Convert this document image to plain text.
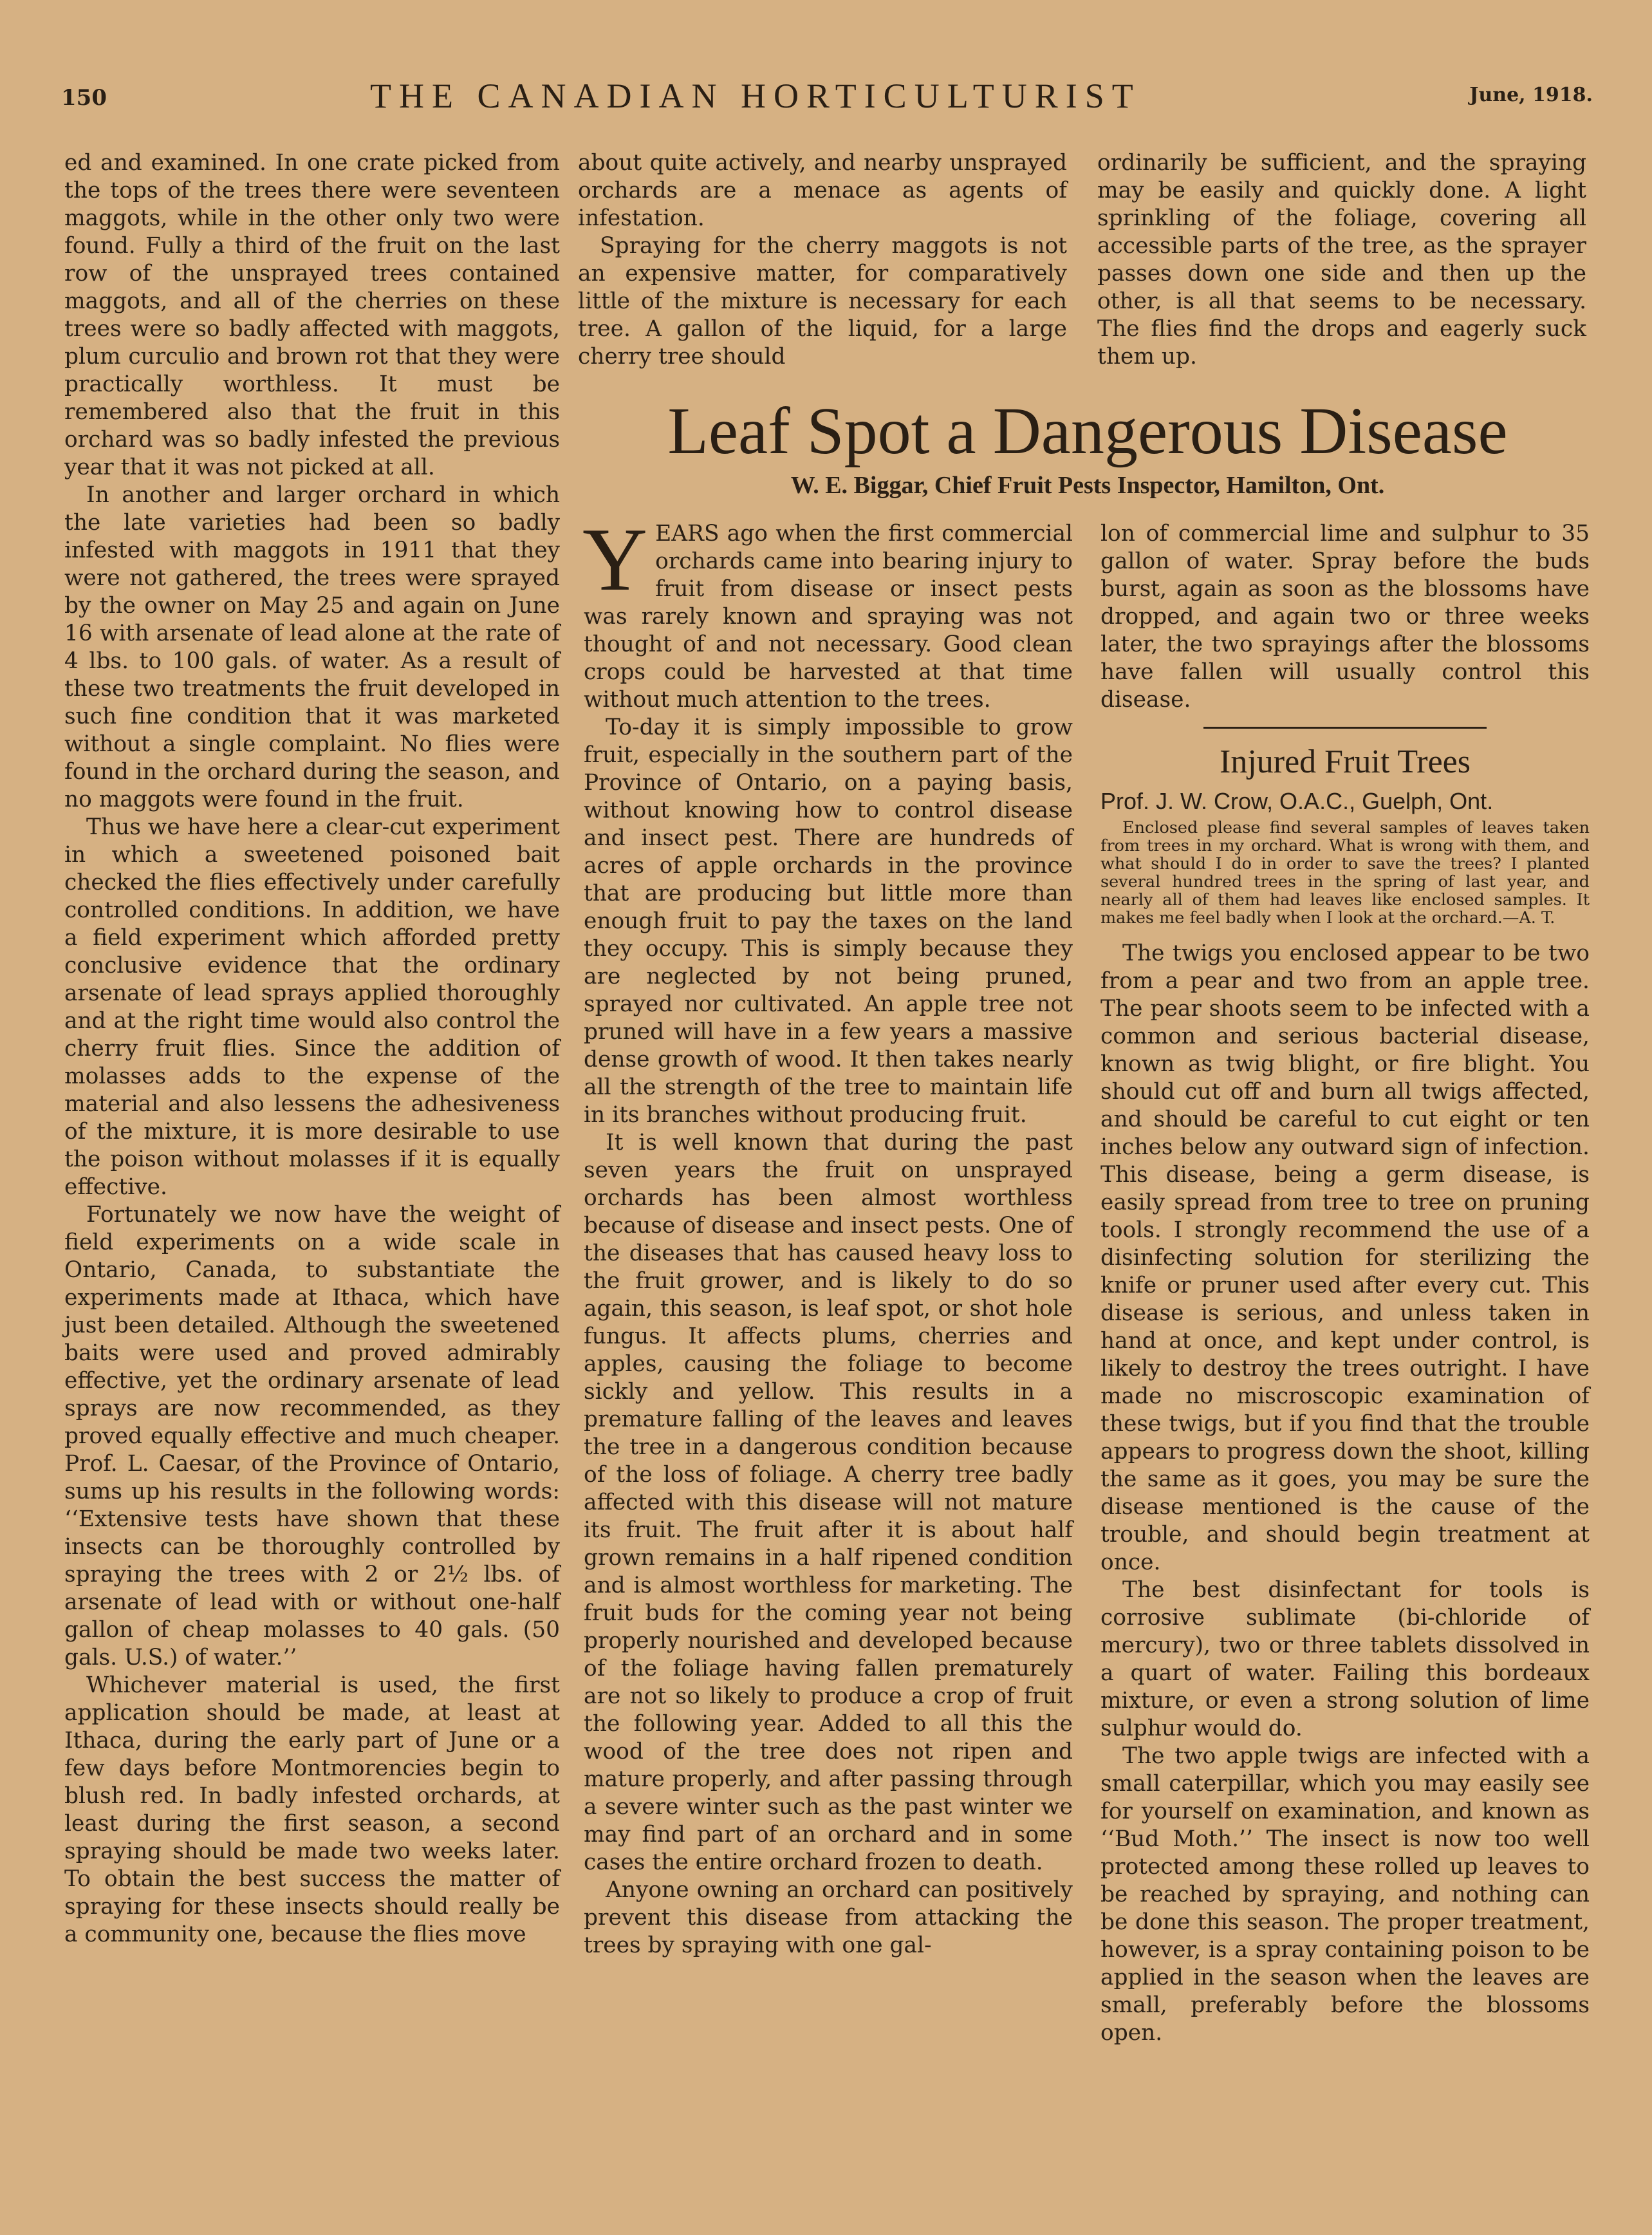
150	THE CANADIAN HORTICULTURIST	June, 1918.

ed and examined. In one crate picked from the tops of the trees there were seventeen maggots, while in the other only two were found. Fully a third of the fruit on the last row of the unsprayed trees contained maggots, and all of the cherries on these trees were so badly affected with maggots, plum curculio and brown rot that they were practically worthless. It must be remembered also that the fruit in this orchard was so badly infested the previous year that it was not picked at all.

In another and larger orchard in which the late varieties had been so badly infested with maggots in 1911 that they were not gathered, the trees were sprayed by the owner on May 25 and again on June 16 with arsenate of lead alone at the rate of 4 lbs. to 100 gals. of water. As a result of these two treatments the fruit developed in such fine condition that it was marketed without a single complaint. No flies were found in the orchard during the season, and no maggots were found in the fruit.

Thus we have here a clear-cut experiment in which a sweetened poisoned bait checked the flies effectively under carefully controlled conditions. In addition, we have a field experiment which afforded pretty conclusive evidence that the ordinary arsenate of lead sprays applied thoroughly and at the right time would also control the cherry fruit flies. Since the addition of molasses adds to the expense of the material and also lessens the adhesiveness of the mixture, it is more desirable to use the poison without molasses if it is equally effective.

Fortunately we now have the weight of field experiments on a wide scale in Ontario, Canada, to substantiate the experiments made at Ithaca, which have just been detailed. Although the sweetened baits were used and proved admirably effective, yet the ordinary arsenate of lead sprays are now recommended, as they proved equally effective and much cheaper. Prof. L. Caesar, of the Province of Ontario, sums up his results in the following words: ‘‘Extensive tests have shown that these insects can be thoroughly controlled by spraying the trees with 2 or 2½ lbs. of arsenate of lead with or without one-half gallon of cheap molasses to 40 gals. (50 gals. U.S.) of water.’’

Whichever material is used, the first application should be made, at least at Ithaca, during the early part of June or a few days before Montmorencies begin to blush red. In badly infested orchards, at least during the first season, a second spraying should be made two weeks later. To obtain the best success the matter of spraying for these insects should really be a community one, because the flies move

about quite actively, and nearby unsprayed orchards are a menace as agents of infestation.

Spraying for the cherry maggots is not an expensive matter, for comparatively little of the mixture is necessary for each tree. A gallon of the liquid, for a large cherry tree should

ordinarily be sufficient, and the spraying may be easily and quickly done. A light sprinkling of the foliage, covering all accessible parts of the tree, as the sprayer passes down one side and then up the other, is all that seems to be necessary. The flies find the drops and eagerly suck them up.

Leaf Spot a Dangerous Disease
W. E. Biggar, Chief Fruit Pests Inspector, Hamilton, Ont.

YEARS ago when the first commercial orchards came into bearing injury to fruit from disease or insect pests was rarely known and spraying was not thought of and not necessary. Good clean crops could be harvested at that time without much attention to the trees.

To-day it is simply impossible to grow fruit, especially in the southern part of the Province of Ontario, on a paying basis, without knowing how to control disease and insect pest. There are hundreds of acres of apple orchards in the province that are producing but little more than enough fruit to pay the taxes on the land they occupy. This is simply because they are neglected by not being pruned, sprayed nor cultivated. An apple tree not pruned will have in a few years a massive dense growth of wood. It then takes nearly all the strength of the tree to maintain life in its branches without producing fruit.

It is well known that during the past seven years the fruit on unsprayed orchards has been almost worthless because of disease and insect pests. One of the diseases that has caused heavy loss to the fruit grower, and is likely to do so again, this season, is leaf spot, or shot hole fungus. It affects plums, cherries and apples, causing the foliage to become sickly and yellow. This results in a premature falling of the leaves and leaves the tree in a dangerous condition because of the loss of foliage. A cherry tree badly affected with this disease will not mature its fruit. The fruit after it is about half grown remains in a half ripened condition and is almost worthless for marketing. The fruit buds for the coming year not being properly nourished and developed because of the foliage having fallen prematurely are not so likely to produce a crop of fruit the following year. Added to all this the wood of the tree does not ripen and mature properly, and after passing through a severe winter such as the past winter we may find part of an orchard and in some cases the entire orchard frozen to death.

Anyone owning an orchard can positively prevent this disease from attacking the trees by spraying with one gal-

lon of commercial lime and sulphur to 35 gallon of water. Spray before the buds burst, again as soon as the blossoms have dropped, and again two or three weeks later, the two sprayings after the blossoms have fallen will usually control this disease.

Injured Fruit Trees
Prof. J. W. Crow, O.A.C., Guelph, Ont.

Enclosed please find several samples of leaves taken from trees in my orchard. What is wrong with them, and what should I do in order to save the trees? I planted several hundred trees in the spring of last year, and nearly all of them had leaves like enclosed samples. It makes me feel badly when I look at the orchard.—A. T.

The twigs you enclosed appear to be two from a pear and two from an apple tree. The pear shoots seem to be infected with a common and serious bacterial disease, known as twig blight, or fire blight. You should cut off and burn all twigs affected, and should be careful to cut eight or ten inches below any outward sign of infection. This disease, being a germ disease, is easily spread from tree to tree on pruning tools. I strongly recommend the use of a disinfecting solution for sterilizing the knife or pruner used after every cut. This disease is serious, and unless taken in hand at once, and kept under control, is likely to destroy the trees outright. I have made no miscroscopic examination of these twigs, but if you find that the trouble appears to progress down the shoot, killing the same as it goes, you may be sure the disease mentioned is the cause of the trouble, and should begin treatment at once.

The best disinfectant for tools is corrosive sublimate (bi-chloride of mercury), two or three tablets dissolved in a quart of water. Failing this bordeaux mixture, or even a strong solution of lime sulphur would do.

The two apple twigs are infected with a small caterpillar, which you may easily see for yourself on examination, and known as ‘‘Bud Moth.’’ The insect is now too well protected among these rolled up leaves to be reached by spraying, and nothing can be done this season. The proper treatment, however, is a spray containing poison to be applied in the season when the leaves are small, preferably before the blossoms open.
